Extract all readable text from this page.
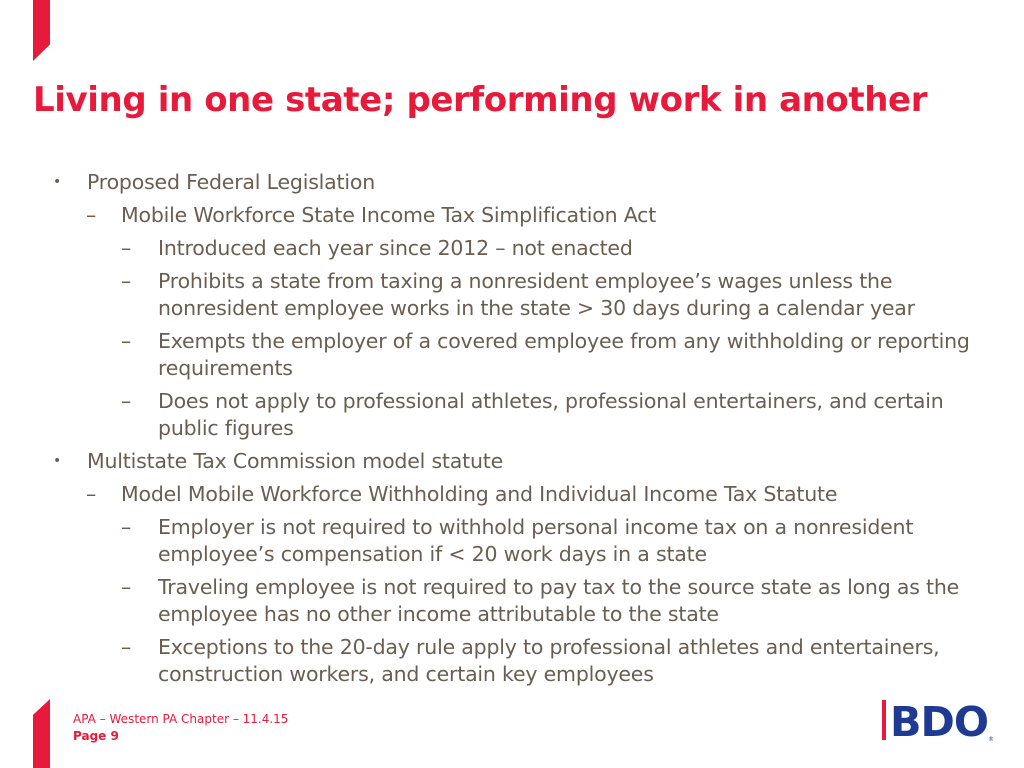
Living in one state; performing work in another
• Proposed Federal Legislation
– Mobile Workforce State Income Tax Simplification Act
– Introduced each year since 2012 – not enacted
– Prohibits a state from taxing a nonresident employee’s wages unless the nonresident employee works in the state > 30 days during a calendar year
– Exempts the employer of a covered employee from any withholding or reporting requirements
– Does not apply to professional athletes, professional entertainers, and certain public figures
• Multistate Tax Commission model statute
– Model Mobile Workforce Withholding and Individual Income Tax Statute
– Employer is not required to withhold personal income tax on a nonresident employee’s compensation if < 20 work days in a state
– Traveling employee is not required to pay tax to the source state as long as the employee has no other income attributable to the state
– Exceptions to the 20-day rule apply to professional athletes and entertainers, construction workers, and certain key employees
APA – Western PA Chapter – 11.4.15
Page 9	BDO ®
